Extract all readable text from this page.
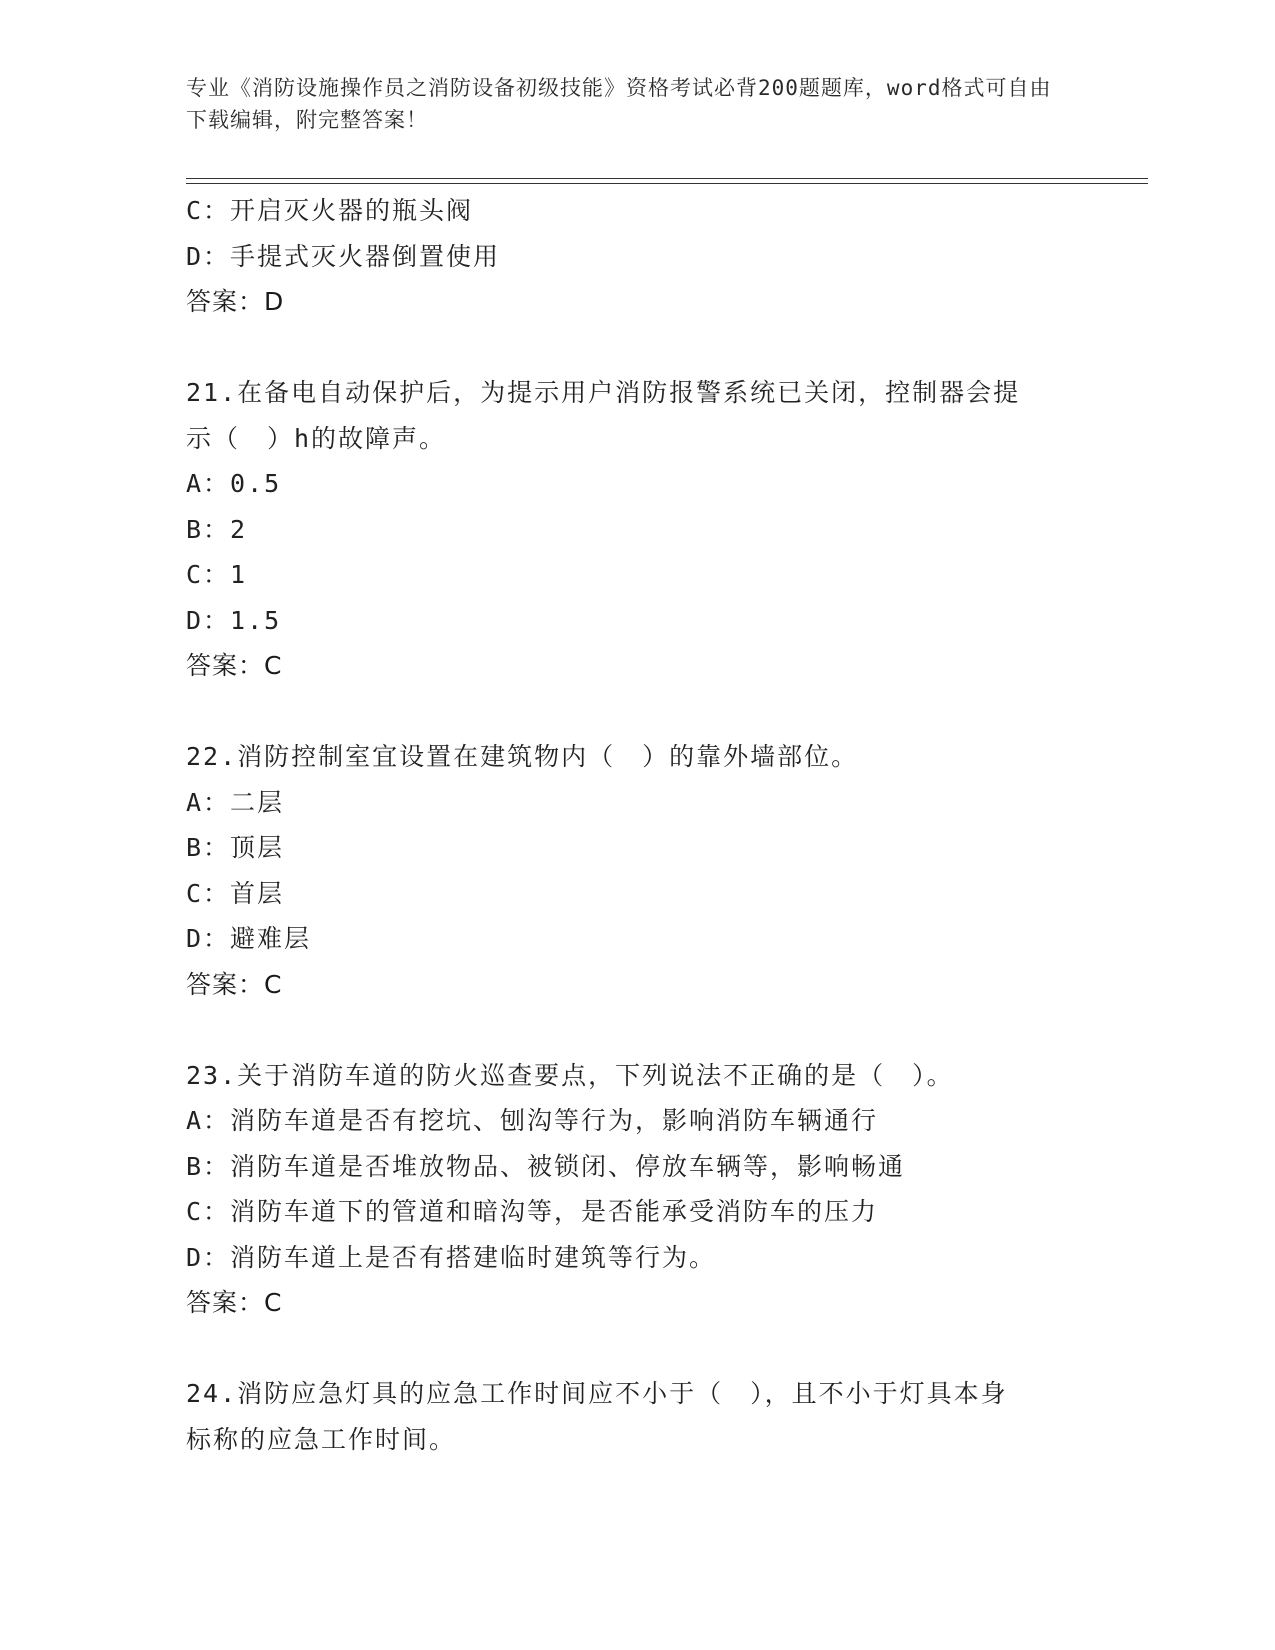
专业《消防设施操作员之消防设备初级技能》资格考试必背200题题库，word格式可自由下载编辑，附完整答案！
C：开启灭火器的瓶头阀
D：手提式灭火器倒置使用
答案：D
21.在备电自动保护后，为提示用户消防报警系统已关闭，控制器会提
示（　）h的故障声。
A：0.5
B：2
C：1
D：1.5
答案：C
22.消防控制室宜设置在建筑物内（　）的靠外墙部位。
A：二层
B：顶层
C：首层
D：避难层
答案：C
23.关于消防车道的防火巡查要点，下列说法不正确的是（　）。
A：消防车道是否有挖坑、刨沟等行为，影响消防车辆通行
B：消防车道是否堆放物品、被锁闭、停放车辆等，影响畅通
C：消防车道下的管道和暗沟等，是否能承受消防车的压力
D：消防车道上是否有搭建临时建筑等行为。
答案：C
24.消防应急灯具的应急工作时间应不小于（　），且不小于灯具本身
标称的应急工作时间。
